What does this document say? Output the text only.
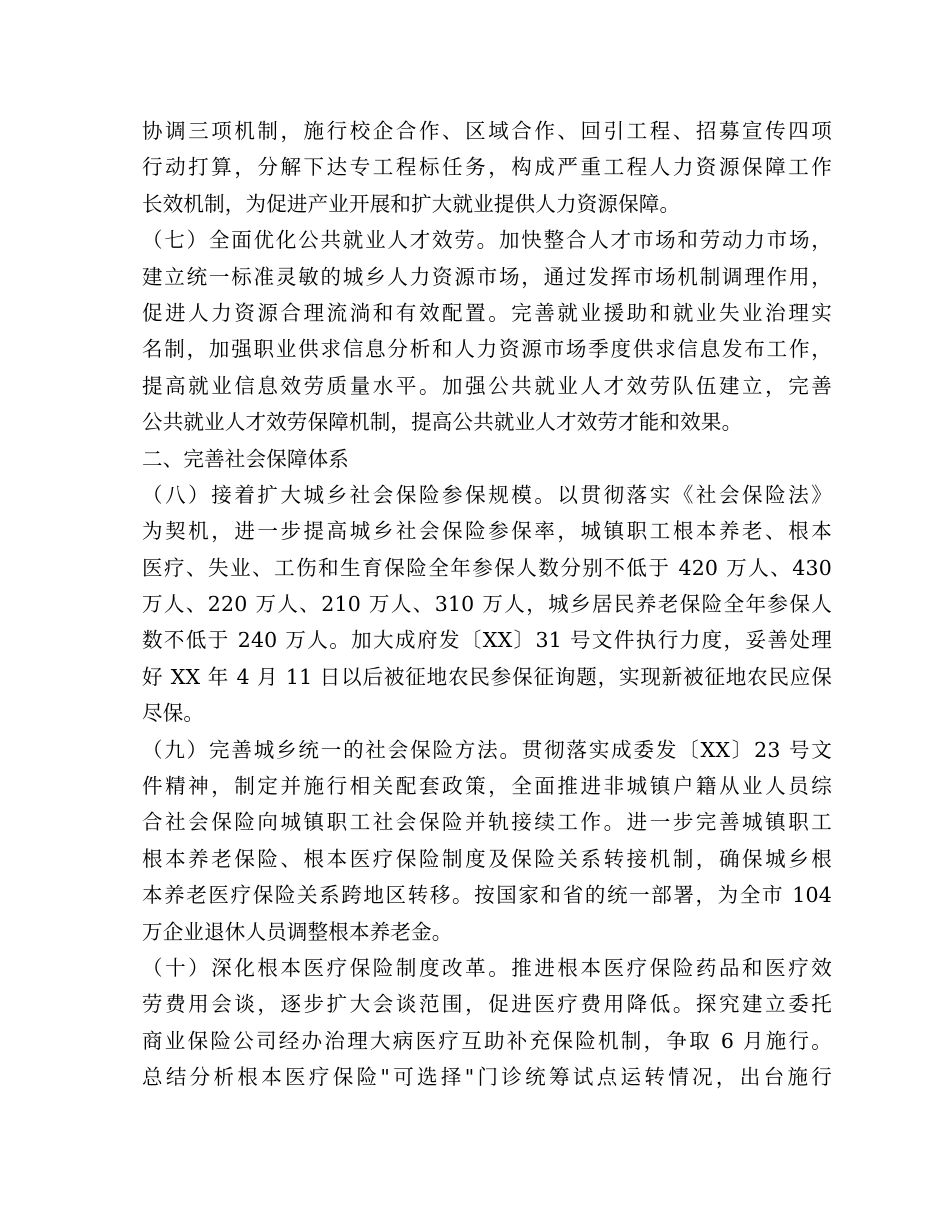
协调三项机制，施行校企合作、区域合作、回引工程、招募宣传四项
行动打算，分解下达专工程标任务，构成严重工程人力资源保障工作
长效机制，为促进产业开展和扩大就业提供人力资源保障。
（七）全面优化公共就业人才效劳。加快整合人才市场和劳动力市场，
建立统一标准灵敏的城乡人力资源市场，通过发挥市场机制调理作用，
促进人力资源合理流淌和有效配置。完善就业援助和就业失业治理实
名制，加强职业供求信息分析和人力资源市场季度供求信息发布工作，
提高就业信息效劳质量水平。加强公共就业人才效劳队伍建立，完善
公共就业人才效劳保障机制，提高公共就业人才效劳才能和效果。
二、完善社会保障体系
（八）接着扩大城乡社会保险参保规模。以贯彻落实《社会保险法》
为契机，进一步提高城乡社会保险参保率，城镇职工根本养老、根本
医疗、失业、工伤和生育保险全年参保人数分别不低于 420 万人、430
万人、220 万人、210 万人、310 万人，城乡居民养老保险全年参保人
数不低于 240 万人。加大成府发〔XX〕31 号文件执行力度，妥善处理
好 XX 年 4 月 11 日以后被征地农民参保征询题，实现新被征地农民应保
尽保。
（九）完善城乡统一的社会保险方法。贯彻落实成委发〔XX〕23 号文
件精神，制定并施行相关配套政策，全面推进非城镇户籍从业人员综
合社会保险向城镇职工社会保险并轨接续工作。进一步完善城镇职工
根本养老保险、根本医疗保险制度及保险关系转接机制，确保城乡根
本养老医疗保险关系跨地区转移。按国家和省的统一部署，为全市 104
万企业退休人员调整根本养老金。
（十）深化根本医疗保险制度改革。推进根本医疗保险药品和医疗效
劳费用会谈，逐步扩大会谈范围，促进医疗费用降低。探究建立委托
商业保险公司经办治理大病医疗互助补充保险机制，争取 6 月施行。
总结分析根本医疗保险"可选择"门诊统筹试点运转情况，出台施行
